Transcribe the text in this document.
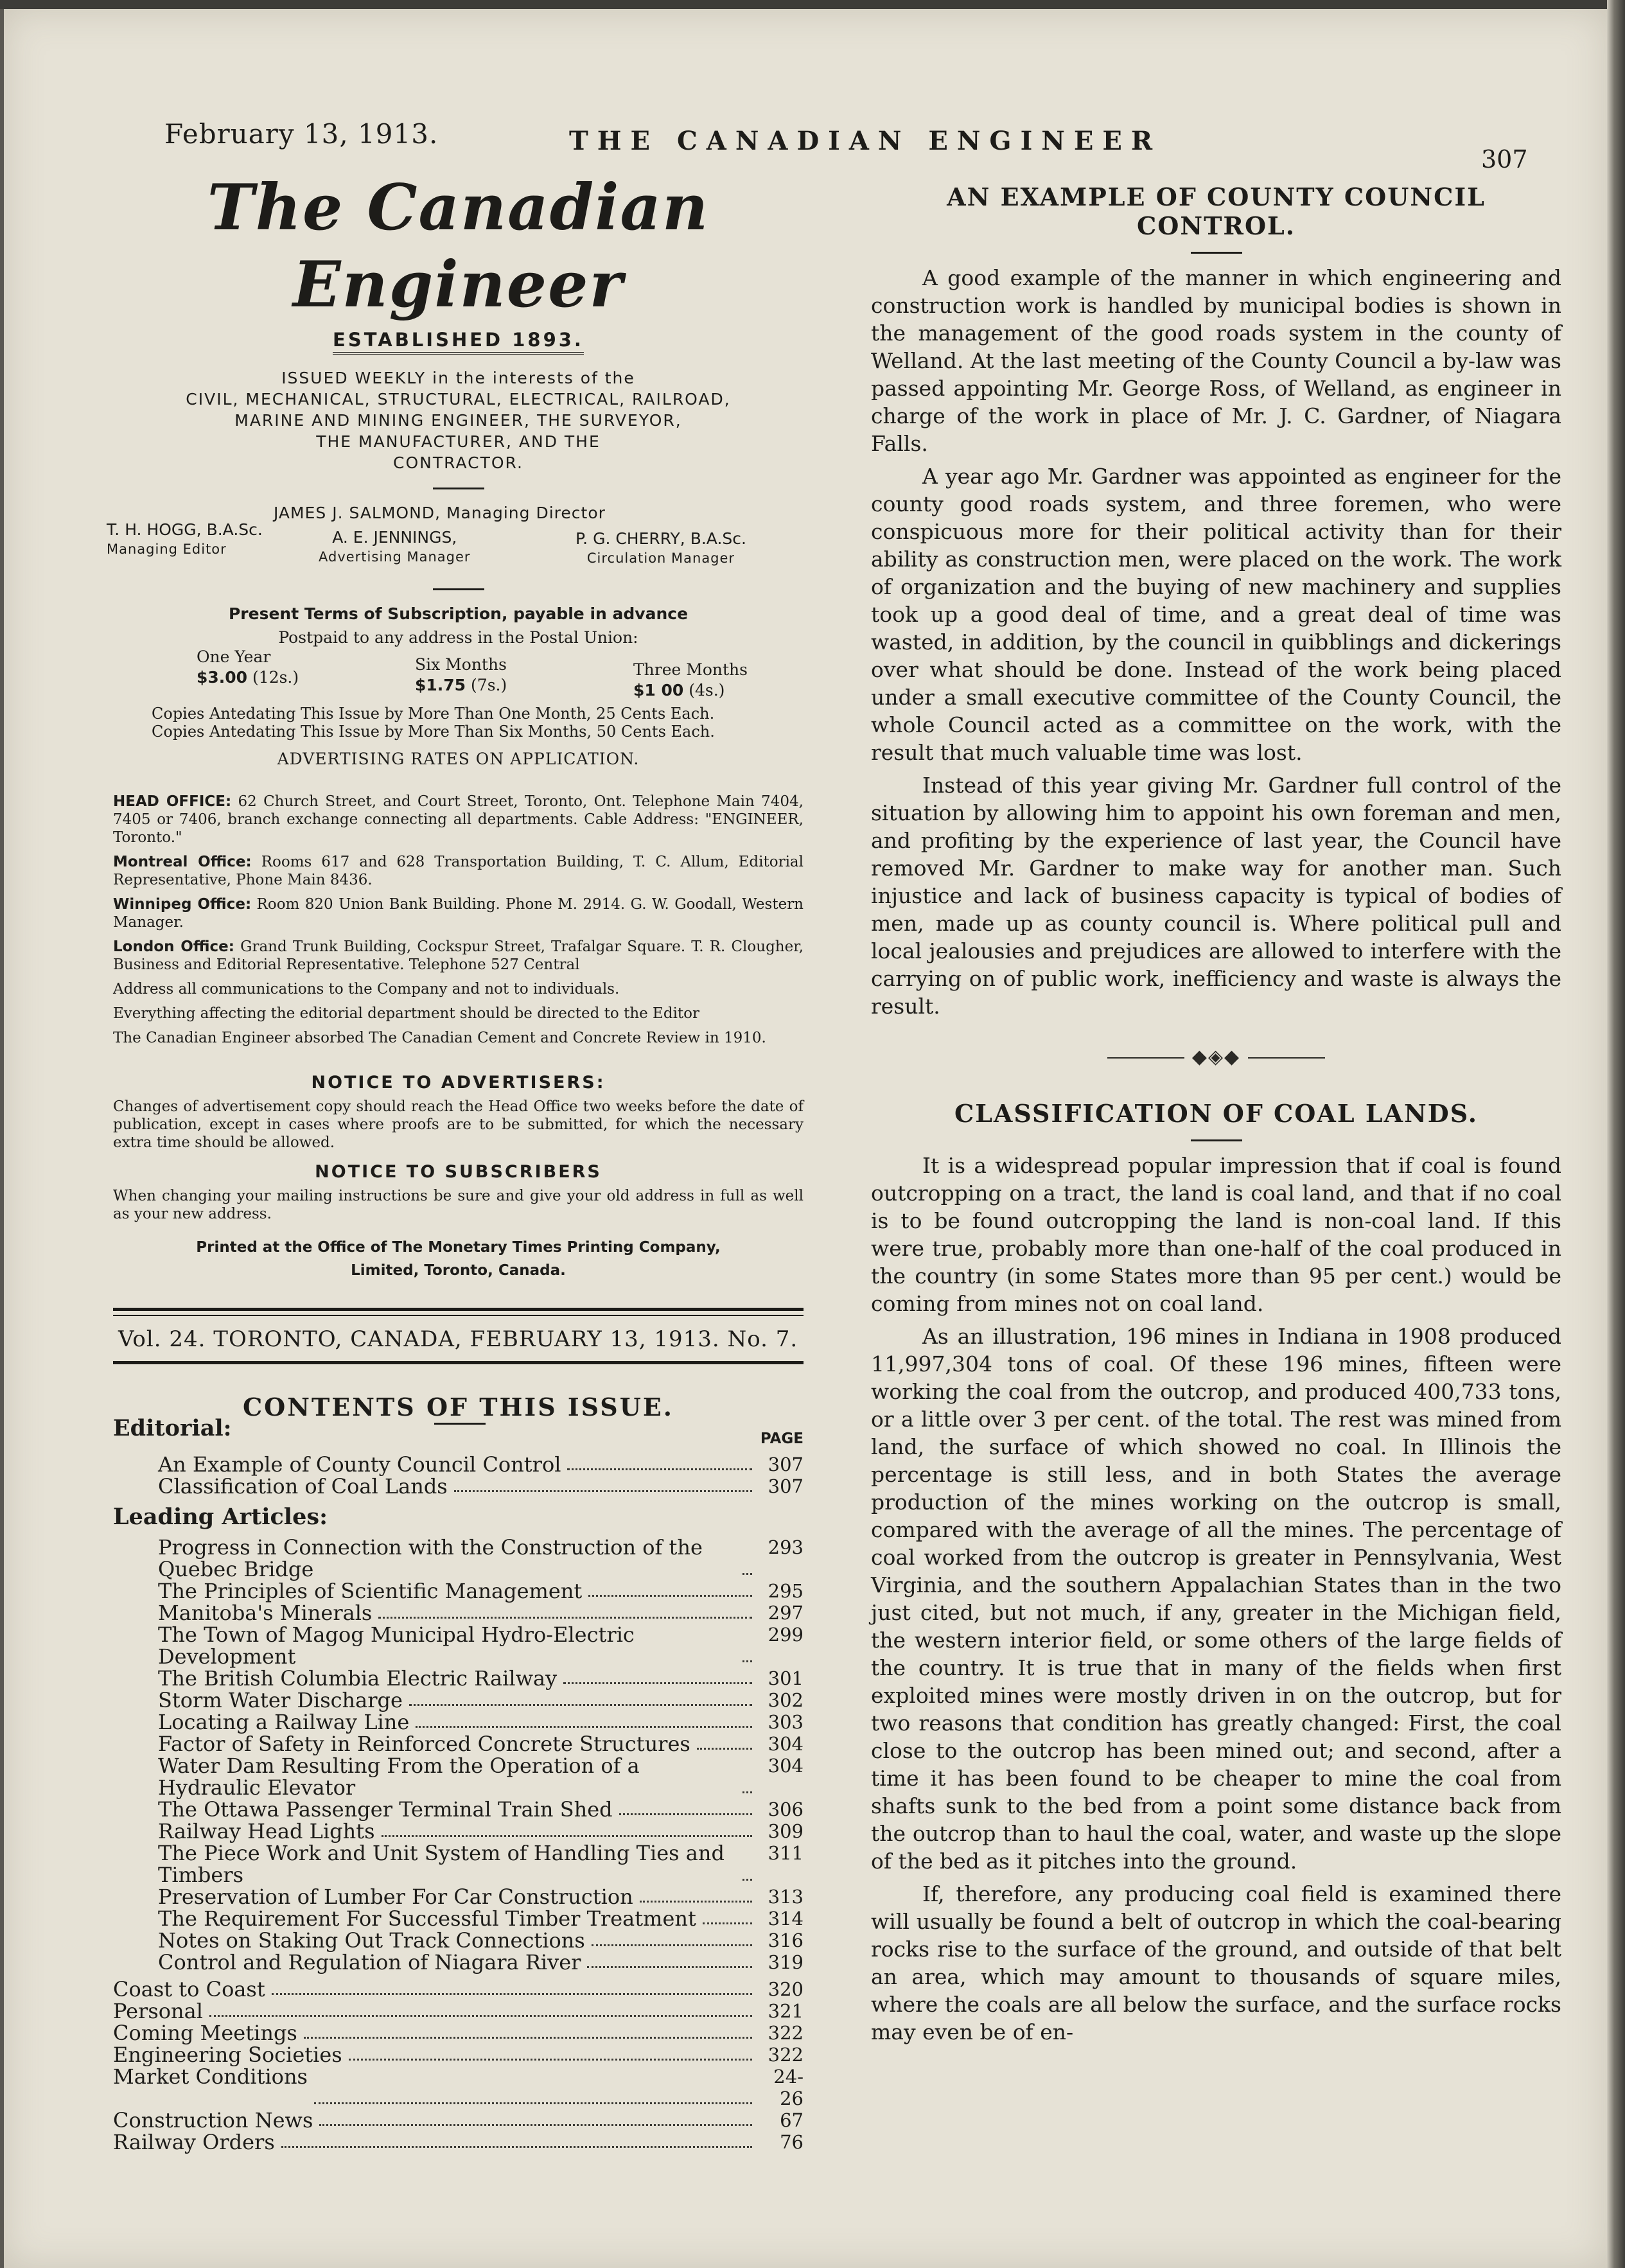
February 13, 1913.	THE CANADIAN ENGINEER
307
The Canadian Engineer
ESTABLISHED 1893.
ISSUED WEEKLY in the interests of the
CIVIL, MECHANICAL, STRUCTURAL, ELECTRICAL, RAILROAD,
MARINE AND MINING ENGINEER, THE SURVEYOR,
THE MANUFACTURER, AND THE
CONTRACTOR.
JAMES J. SALMOND, Managing Director
T. H. HOGG, B.A.Sc.
Managing Editor
A. E. JENNINGS,
Advertising Manager
P. G. CHERRY, B.A.Sc.
Circulation Manager
Present Terms of Subscription, payable in advance
Postpaid to any address in the Postal Union:
One Year
$3.00 (12s.)
Six Months
$1.75 (7s.)
Three Months
$1 00 (4s.)
Copies Antedating This Issue by More Than One Month, 25 Cents Each.
Copies Antedating This Issue by More Than Six Months, 50 Cents Each.
ADVERTISING RATES ON APPLICATION.

HEAD OFFICE: 62 Church Street, and Court Street, Toronto, Ont. Telephone Main 7404, 7405 or 7406, branch exchange connecting all departments. Cable Address: "ENGINEER, Toronto."

Montreal Office: Rooms 617 and 628 Transportation Building, T. C. Allum, Editorial Representative, Phone Main 8436.

Winnipeg Office: Room 820 Union Bank Building. Phone M. 2914. G. W. Goodall, Western Manager.

London Office: Grand Trunk Building, Cockspur Street, Trafalgar Square. T. R. Clougher, Business and Editorial Representative. Telephone 527 Central

Address all communications to the Company and not to individuals.

Everything affecting the editorial department should be directed to the Editor

The Canadian Engineer absorbed The Canadian Cement and Concrete Review in 1910.

NOTICE TO ADVERTISERS:

Changes of advertisement copy should reach the Head Office two weeks before the date of publication, except in cases where proofs are to be submitted, for which the necessary extra time should be allowed.

NOTICE TO SUBSCRIBERS

When changing your mailing instructions be sure and give your old address in full as well as your new address.

Printed at the Office of The Monetary Times Printing Company,
Limited, Toronto, Canada.
Vol. 24. TORONTO, CANADA, FEBRUARY 13, 1913. No. 7.
CONTENTS OF THIS ISSUE.
Editorial:	PAGE
An Example of County Council Control	307
Classification of Coal Lands	307
Leading Articles:
Progress in Connection with the Construction of the Quebec Bridge
293
The Principles of Scientific Management	295
Manitoba's Minerals	297
The Town of Magog Municipal Hydro-Electric Development
299
The British Columbia Electric Railway	301
Storm Water Discharge	302
Locating a Railway Line	303
Factor of Safety in Reinforced Concrete Structures	304
Water Dam Resulting From the Operation of a Hydraulic Elevator
304
The Ottawa Passenger Terminal Train Shed	306
Railway Head Lights	309
The Piece Work and Unit System of Handling Ties and Timbers
311
Preservation of Lumber For Car Construction	313
The Requirement For Successful Timber Treatment	314
Notes on Staking Out Track Connections	316
Control and Regulation of Niagara River	319
Coast to Coast	320
Personal	321
Coming Meetings	322
Engineering Societies	322
Market Conditions	24-26
Construction News	67
Railway Orders	76
AN EXAMPLE OF COUNTY COUNCIL CONTROL.

A good example of the manner in which engineering and construction work is handled by municipal bodies is shown in the management of the good roads system in the county of Welland. At the last meeting of the County Council a by-law was passed appointing Mr. George Ross, of Welland, as engineer in charge of the work in place of Mr. J. C. Gardner, of Niagara Falls.

A year ago Mr. Gardner was appointed as engineer for the county good roads system, and three foremen, who were conspicuous more for their political activity than for their ability as construction men, were placed on the work. The work of organization and the buying of new machinery and supplies took up a good deal of time, and a great deal of time was wasted, in addition, by the council in quibblings and dickerings over what should be done. Instead of the work being placed under a small executive committee of the County Council, the whole Council acted as a committee on the work, with the result that much valuable time was lost.

Instead of this year giving Mr. Gardner full control of the situation by allowing him to appoint his own foreman and men, and profiting by the experience of last year, the Council have removed Mr. Gardner to make way for another man. Such injustice and lack of business capacity is typical of bodies of men, made up as county council is. Where political pull and local jealousies and prejudices are allowed to interfere with the carrying on of public work, inefficiency and waste is always the result.

◆◈◆
CLASSIFICATION OF COAL LANDS.

It is a widespread popular impression that if coal is found outcropping on a tract, the land is coal land, and that if no coal is to be found outcropping the land is non-coal land. If this were true, probably more than one-half of the coal produced in the country (in some States more than 95 per cent.) would be coming from mines not on coal land.

As an illustration, 196 mines in Indiana in 1908 produced 11,997,304 tons of coal. Of these 196 mines, fifteen were working the coal from the outcrop, and produced 400,733 tons, or a little over 3 per cent. of the total. The rest was mined from land, the surface of which showed no coal. In Illinois the percentage is still less, and in both States the average production of the mines working on the outcrop is small, compared with the average of all the mines. The percentage of coal worked from the outcrop is greater in Pennsylvania, West Virginia, and the southern Appalachian States than in the two just cited, but not much, if any, greater in the Michigan field, the western interior field, or some others of the large fields of the country. It is true that in many of the fields when first exploited mines were mostly driven in on the outcrop, but for two reasons that condition has greatly changed: First, the coal close to the outcrop has been mined out; and second, after a time it has been found to be cheaper to mine the coal from shafts sunk to the bed from a point some distance back from the outcrop than to haul the coal, water, and waste up the slope of the bed as it pitches into the ground.

If, therefore, any producing coal field is examined there will usually be found a belt of outcrop in which the coal-bearing rocks rise to the surface of the ground, and outside of that belt an area, which may amount to thousands of square miles, where the coals are all below the surface, and the surface rocks may even be of en-
